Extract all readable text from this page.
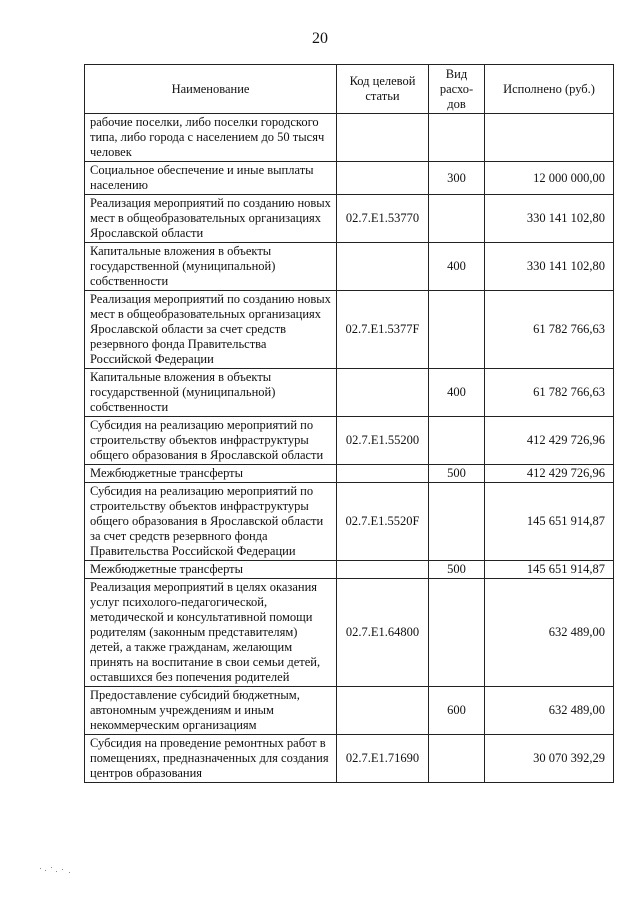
20
Наименование	Код целевой статьи	Вид расхо-дов	Исполнено (руб.)
рабочие поселки, либо поселки городского типа, либо города с населением до 50 тысяч человек			
Социальное обеспечение и иные выплаты населению		300	12 000 000,00
Реализация мероприятий по созданию новых мест в общеобразовательных организациях Ярославской области	02.7.E1.53770		330 141 102,80
Капитальные вложения в объекты государственной (муниципальной) собственности		400	330 141 102,80
Реализация мероприятий по созданию новых мест в общеобразовательных организациях Ярославской области за счет средств резервного фонда Правительства Российской Федерации	02.7.E1.5377F		61 782 766,63
Капитальные вложения в объекты государственной (муниципальной) собственности		400	61 782 766,63
Субсидия на реализацию мероприятий по строительству объектов инфраструктуры общего образования в Ярославской области	02.7.E1.55200		412 429 726,96
Межбюджетные трансферты		500	412 429 726,96
Субсидия на реализацию мероприятий по строительству объектов инфраструктуры общего образования в Ярославской области за счет средств резервного фонда Правительства Российской Федерации	02.7.E1.5520F		145 651 914,87
Межбюджетные трансферты		500	145 651 914,87
Реализация мероприятий в целях оказания услуг психолого-педагогической, методической и консультативной помощи родителям (законным представителям) детей, а также гражданам, желающим принять на воспитание в свои семьи детей, оставшихся без попечения родителей	02.7.E1.64800		632 489,00
Предоставление субсидий бюджетным, автономным учреждениям и иным некоммерческим организациям		600	632 489,00
Субсидия на проведение ремонтных работ в помещениях, предназначенных для создания центров образования	02.7.E1.71690		30 070 392,29
